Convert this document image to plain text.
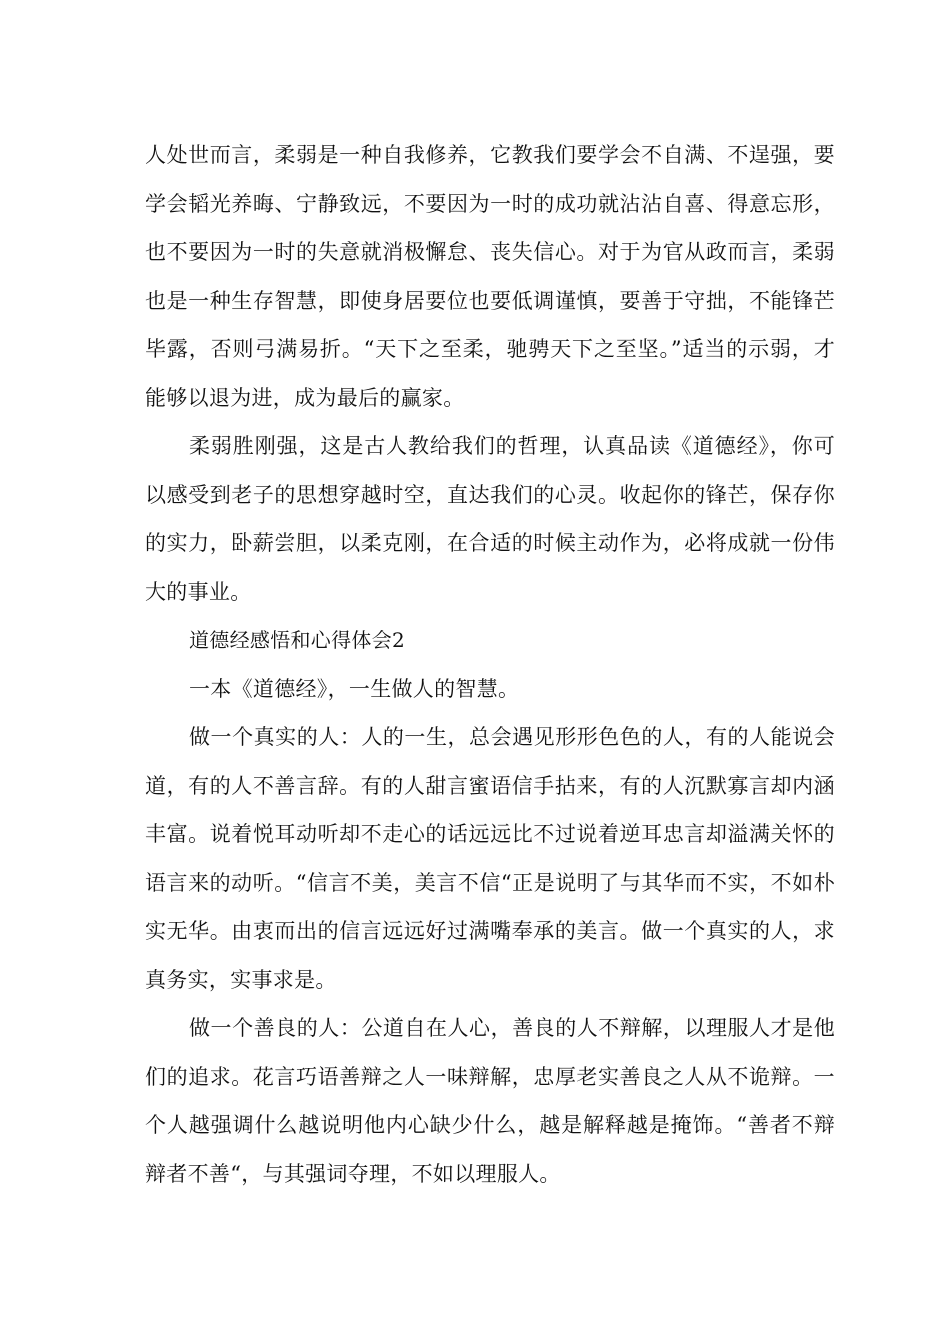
人处世而言，柔弱是一种自我修养，它教我们要学会不自满、不逞强，要学会韬光养晦、宁静致远，不要因为一时的成功就沾沾自喜、得意忘形，也不要因为一时的失意就消极懈怠、丧失信心。对于为官从政而言，柔弱也是一种生存智慧，即使身居要位也要低调谨慎，要善于守拙，不能锋芒毕露，否则弓满易折。“天下之至柔，驰骋天下之至坚。”适当的示弱，才能够以退为进，成为最后的赢家。

柔弱胜刚强，这是古人教给我们的哲理，认真品读《道德经》，你可以感受到老子的思想穿越时空，直达我们的心灵。收起你的锋芒，保存你的实力，卧薪尝胆，以柔克刚，在合适的时候主动作为，必将成就一份伟大的事业。

道德经感悟和心得体会2

一本《道德经》，一生做人的智慧。

做一个真实的人：人的一生，总会遇见形形色色的人，有的人能说会道，有的人不善言辞。有的人甜言蜜语信手拈来，有的人沉默寡言却内涵丰富。说着悦耳动听却不走心的话远远比不过说着逆耳忠言却溢满关怀的语言来的动听。“信言不美，美言不信“正是说明了与其华而不实，不如朴实无华。由衷而出的信言远远好过满嘴奉承的美言。做一个真实的人，求真务实，实事求是。

做一个善良的人：公道自在人心，善良的人不辩解，以理服人才是他们的追求。花言巧语善辩之人一味辩解，忠厚老实善良之人从不诡辩。一个人越强调什么越说明他内心缺少什么，越是解释越是掩饰。“善者不辩辩者不善“，与其强词夺理，不如以理服人。
